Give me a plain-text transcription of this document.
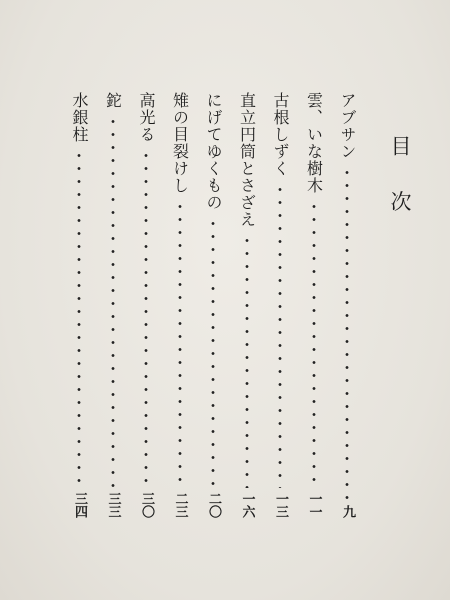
目 次
アブサン
九
雲、いな樹木
一一
古根しずく
一三
直立円筒とさざえ
一六
にげてゆくもの
二〇
雉の目裂けし
二三
高光る
三〇
鉈
三三
水銀柱
三四
